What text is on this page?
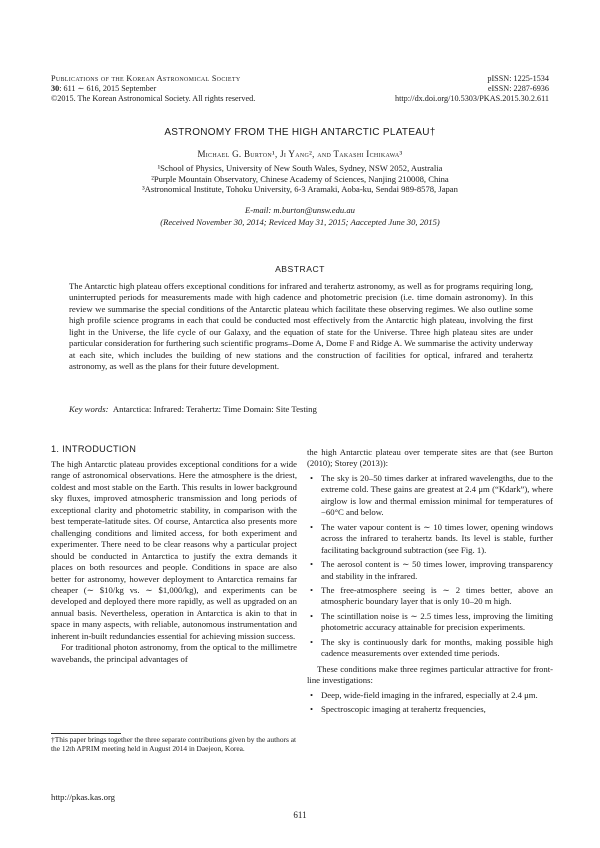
Publications of the Korean Astronomical Society
30: 611 ∼ 616, 2015 September
©2015. The Korean Astronomical Society. All rights reserved.
pISSN: 1225-1534
eISSN: 2287-6936
http://dx.doi.org/10.5303/PKAS.2015.30.2.611
ASTRONOMY FROM THE HIGH ANTARCTIC PLATEAU†
Michael G. Burton¹, Ji Yang², and Takashi Ichikawa³
¹School of Physics, University of New South Wales, Sydney, NSW 2052, Australia
²Purple Mountain Observatory, Chinese Academy of Sciences, Nanjing 210008, China
³Astronomical Institute, Tohoku University, 6-3 Aramaki, Aoba-ku, Sendai 989-8578, Japan
E-mail: m.burton@unsw.edu.au
(Received November 30, 2014; Reviced May 31, 2015; Aaccepted June 30, 2015)
ABSTRACT
The Antarctic high plateau offers exceptional conditions for infrared and terahertz astronomy, as well as for programs requiring long, uninterrupted periods for measurements made with high cadence and photometric precision (i.e. time domain astronomy). In this review we summarise the special conditions of the Antarctic plateau which facilitate these observing regimes. We also outline some high profile science programs in each that could be conducted most effectively from the Antarctic high plateau, involving the first light in the Universe, the life cycle of our Galaxy, and the equation of state for the Universe. Three high plateau sites are under particular consideration for furthering such scientific programs–Dome A, Dome F and Ridge A. We summarise the activity underway at each site, which includes the building of new stations and the construction of facilities for optical, infrared and terahertz astronomy, as well as the plans for their future development.
Key words: Antarctica: Infrared: Terahertz: Time Domain: Site Testing
1. INTRODUCTION

The high Antarctic plateau provides exceptional conditions for a wide range of astronomical observations. Here the atmosphere is the driest, coldest and most stable on the Earth. This results in lower background sky fluxes, improved atmospheric transmission and long periods of exceptional clarity and photometric stability, in comparison with the best temperate-latitude sites. Of course, Antarctica also presents more challenging conditions and limited access, for both experiment and experimenter. There need to be clear reasons why a particular project should be conducted in Antarctica to justify the extra demands it places on both resources and people. Conditions in space are also better for astronomy, however deployment to Antarctica remains far cheaper (∼ $10/kg vs. ∼ $1,000/kg), and experiments can be developed and deployed there more rapidly, as well as upgraded on an annual basis. Nevertheless, operation in Antarctica is akin to that in space in many aspects, with reliable, autonomous instrumentation and inherent in-built redundancies essential for achieving mission success.

For traditional photon astronomy, from the optical to the millimetre wavebands, the principal advantages of

†This paper brings together the three separate contributions given by the authors at the 12th APRIM meeting held in August 2014 in Daejeon, Korea.
http://pkas.kas.org

the high Antarctic plateau over temperate sites are that (see Burton (2010); Storey (2013)):

• The sky is 20–50 times darker at infrared wavelengths, due to the extreme cold. These gains are greatest at 2.4 μm (“Kdark”), where airglow is low and thermal emission minimal for temperatures of −60°C and below.
• The water vapour content is ∼ 10 times lower, opening windows across the infrared to terahertz bands. Its level is stable, further facilitating background subtraction (see Fig. 1).
• The aerosol content is ∼ 50 times lower, improving transparency and stability in the infrared.
• The free-atmosphere seeing is ∼ 2 times better, above an atmospheric boundary layer that is only 10–20 m high.
• The scintillation noise is ∼ 2.5 times less, improving the limiting photometric accuracy attainable for precision experiments.
• The sky is continuously dark for months, making possible high cadence measurements over extended time periods.

These conditions make three regimes particular attractive for front-line investigations:

• Deep, wide-field imaging in the infrared, especially at 2.4 μm.
• Spectroscopic imaging at terahertz frequencies,
611
